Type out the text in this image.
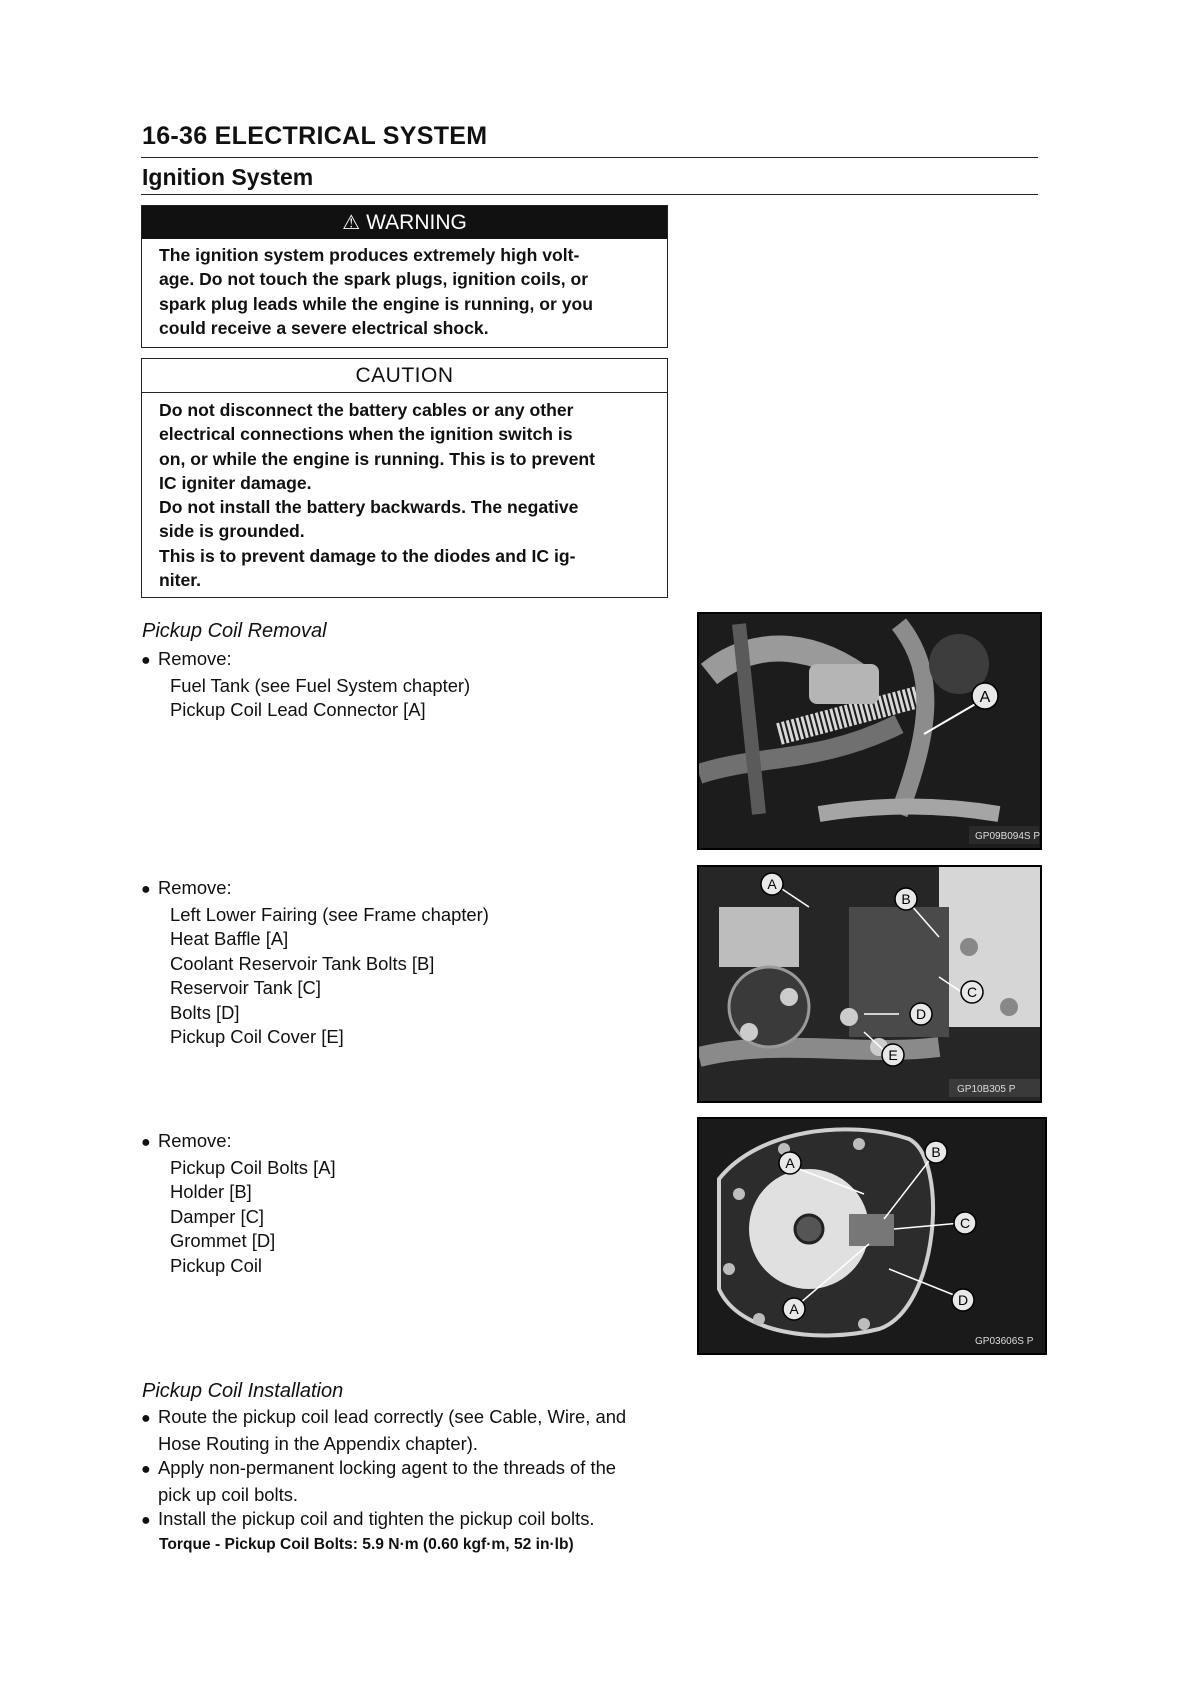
16-36 ELECTRICAL SYSTEM
Ignition System
⚠ WARNING
The ignition system produces extremely high volt-
age. Do not touch the spark plugs, ignition coils, or
spark plug leads while the engine is running, or you
could receive a severe electrical shock.
CAUTION
Do not disconnect the battery cables or any other
electrical connections when the ignition switch is
on, or while the engine is running. This is to prevent
IC igniter damage.
Do not install the battery backwards. The negative
side is grounded.
This is to prevent damage to the diodes and IC ig-
niter.
Pickup Coil Removal
● Remove:
Fuel Tank (see Fuel System chapter)
Pickup Coil Lead Connector [A]
● Remove:
Left Lower Fairing (see Frame chapter)
Heat Baffle [A]
Coolant Reservoir Tank Bolts [B]
Reservoir Tank [C]
Bolts [D]
Pickup Coil Cover [E]
● Remove:
Pickup Coil Bolts [A]
Holder [B]
Damper [C]
Grommet [D]
Pickup Coil
A
GP09B094S P
A
B
C
D
E
GP10B305 P
A
A
B
C
D
GP03606S P
Pickup Coil Installation
● Route the pickup coil lead correctly (see Cable, Wire, and
Hose Routing in the Appendix chapter).
● Apply non-permanent locking agent to the threads of the
pick up coil bolts.
● Install the pickup coil and tighten the pickup coil bolts.
Torque - Pickup Coil Bolts: 5.9 N·m (0.60 kgf·m, 52 in·lb)
